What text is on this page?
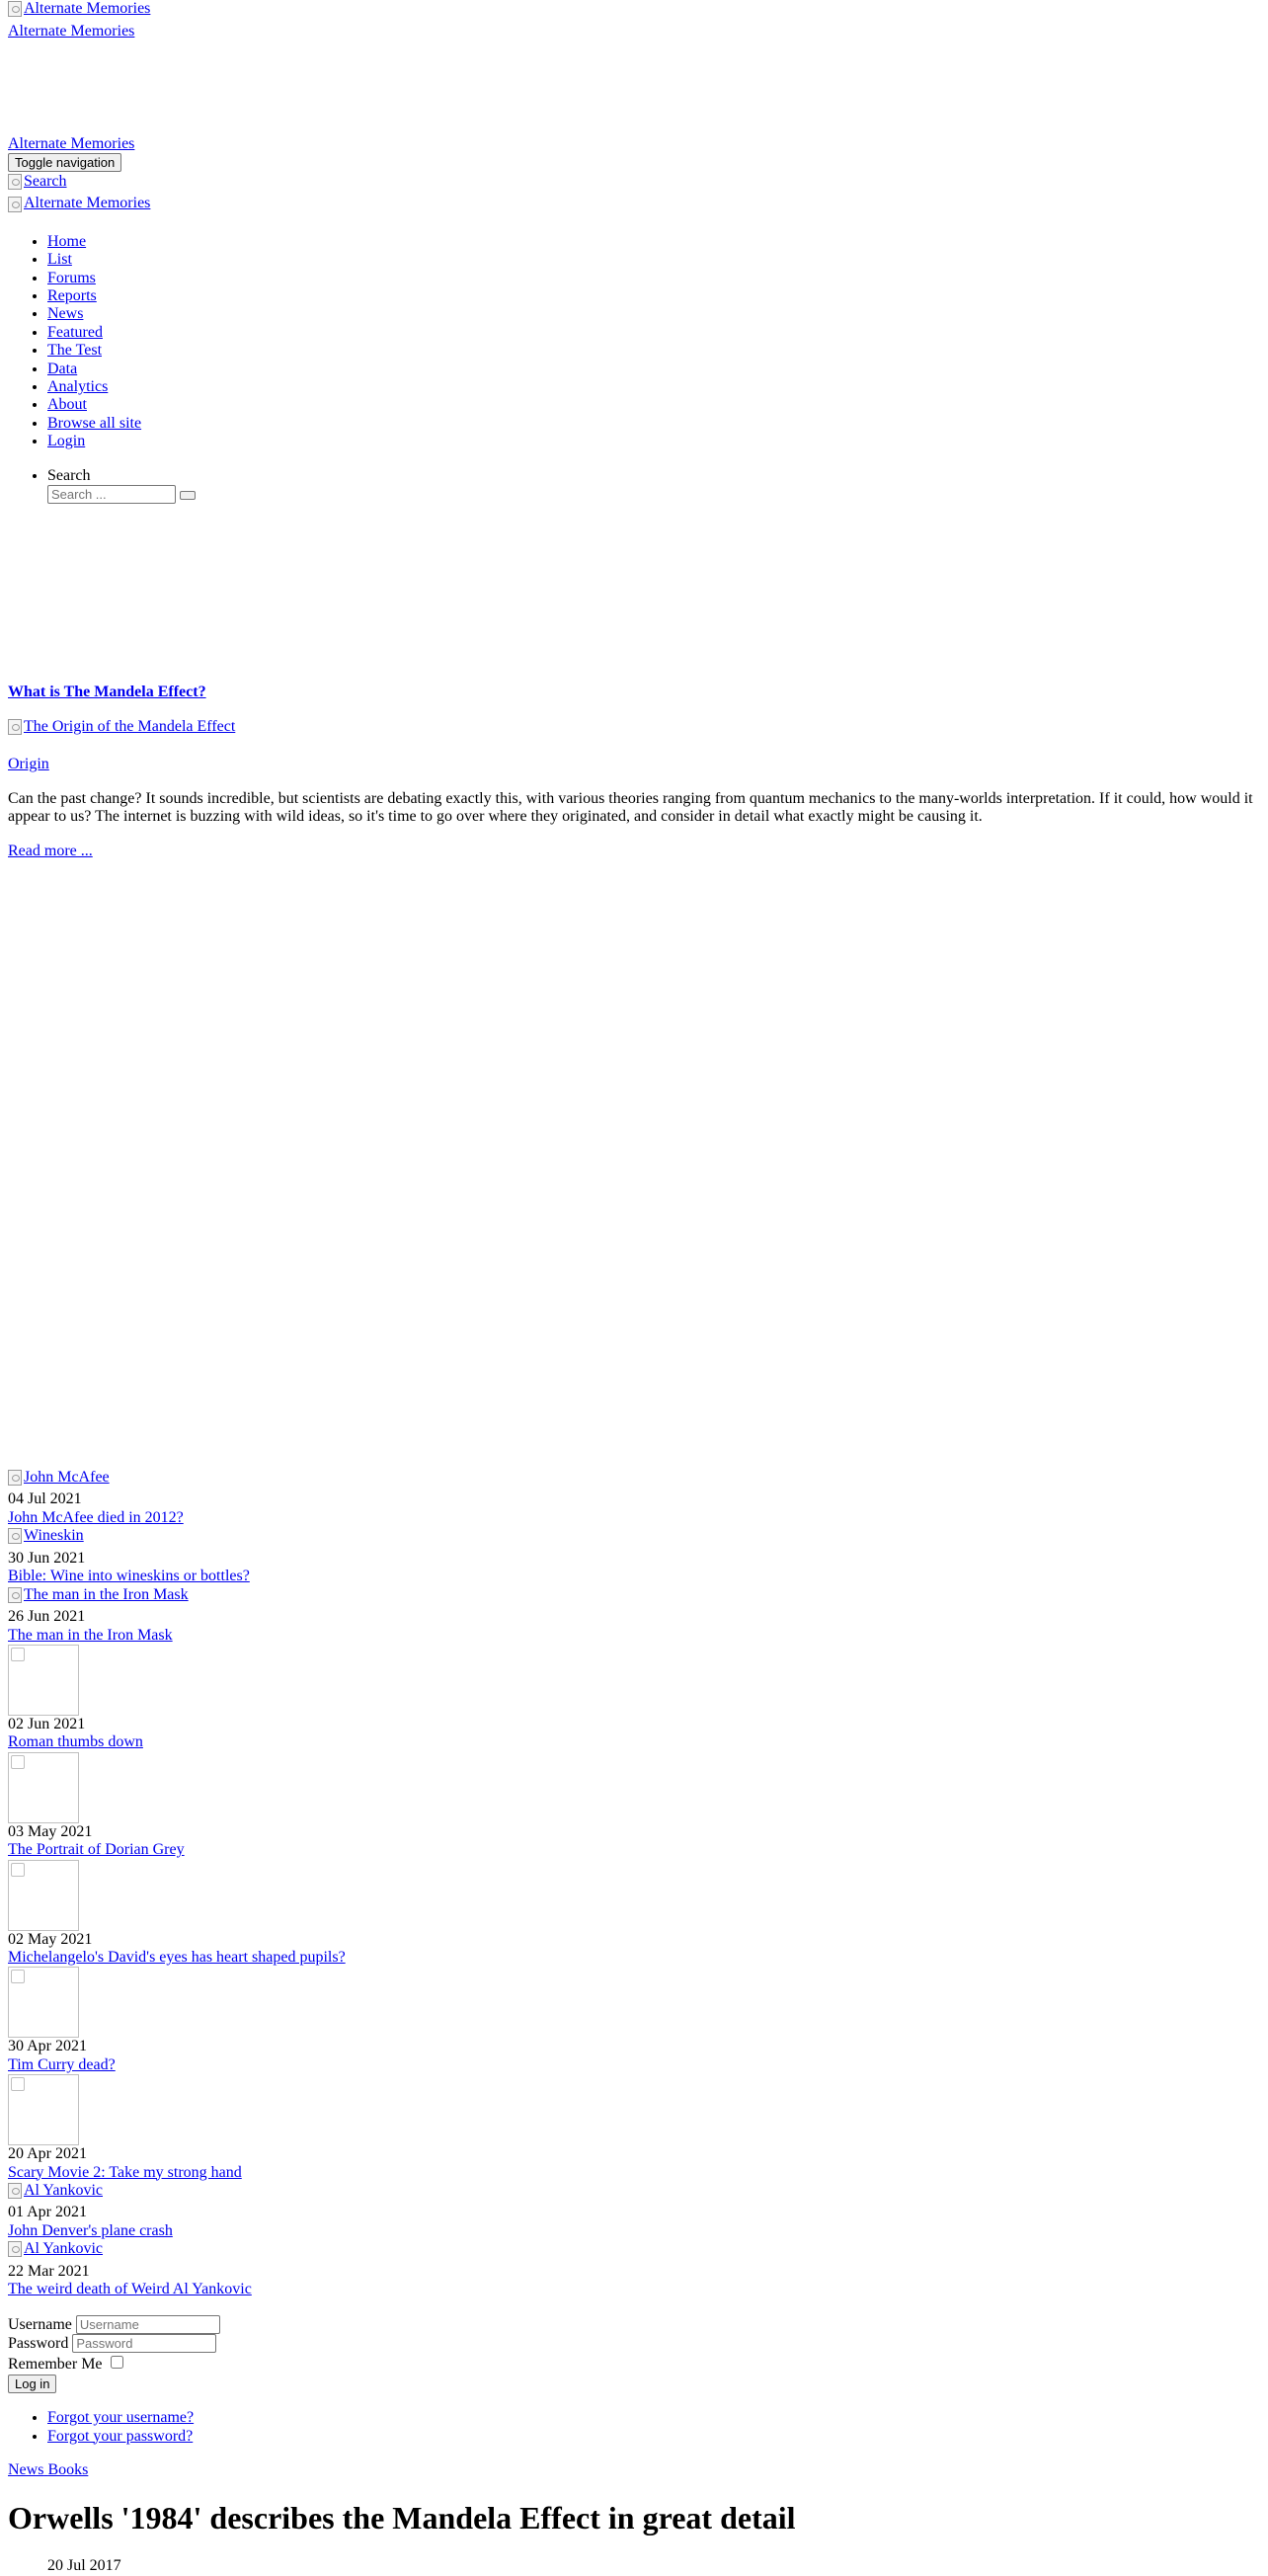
Alternate Memories
Alternate Memories
Alternate Memories
Toggle navigation
Search
Alternate Memories
• Home
• List
• Forums
• Reports
• News
• Featured
• The Test
• Data
• Analytics
• About
• Browse all site
• Login
• Search
Search ...

What is The Mandela Effect?

The Origin of the Mandela Effect

Origin

Can the past change? It sounds incredible, but scientists are debating exactly this, with various theories ranging from quantum mechanics to the many-worlds interpretation. If it could, how would it appear to us? The internet is buzzing with wild ideas, so it's time to go over where they originated, and consider in detail what exactly might be causing it.

Read more ...

John McAfee
04 Jul 2021
John McAfee died in 2012?
Wineskin
30 Jun 2021
Bible: Wine into wineskins or bottles?
The man in the Iron Mask
26 Jun 2021
The man in the Iron Mask
02 Jun 2021
Roman thumbs down
03 May 2021
The Portrait of Dorian Grey
02 May 2021
Michelangelo's David's eyes has heart shaped pupils?
30 Apr 2021
Tim Curry dead?
20 Apr 2021
Scary Movie 2: Take my strong hand
Al Yankovic
01 Apr 2021
John Denver's plane crash
Al Yankovic
22 Mar 2021
The weird death of Weird Al Yankovic
Username Username
Password
Remember Me
Log in
• Forgot your username?
• Forgot your password?
News Books
Orwells '1984' describes the Mandela Effect in great detail
20 Jul 2017
